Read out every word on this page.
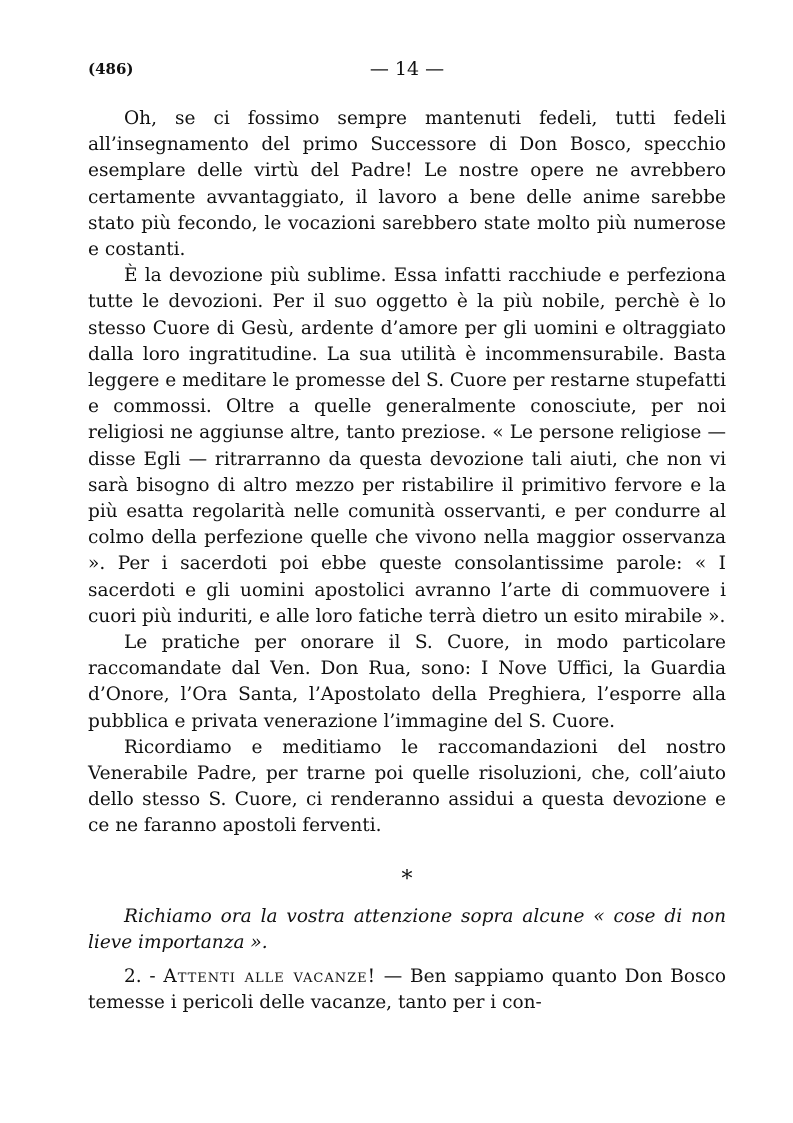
(486)	— 14 —

Oh, se ci fossimo sempre mantenuti fedeli, tutti fedeli all’insegnamento del primo Successore di Don Bosco, specchio esemplare delle virtù del Padre! Le nostre opere ne avrebbero certamente avvantaggiato, il lavoro a bene delle anime sarebbe stato più fecondo, le vocazioni sarebbero state molto più numerose e costanti.

È la devozione più sublime. Essa infatti racchiude e perfeziona tutte le devozioni. Per il suo oggetto è la più nobile, perchè è lo stesso Cuore di Gesù, ardente d’amore per gli uomini e oltraggiato dalla loro ingratitudine. La sua utilità è incommensurabile. Basta leggere e meditare le promesse del S. Cuore per restarne stupefatti e commossi. Oltre a quelle generalmente conosciute, per noi religiosi ne aggiunse altre, tanto preziose. « Le persone religiose — disse Egli — ritrarranno da questa devozione tali aiuti, che non vi sarà bisogno di altro mezzo per ristabilire il primitivo fervore e la più esatta regolarità nelle comunità osservanti, e per condurre al colmo della perfezione quelle che vivono nella maggior osservanza ». Per i sacerdoti poi ebbe queste consolantissime parole: « I sacerdoti e gli uomini apostolici avranno l’arte di commuovere i cuori più induriti, e alle loro fatiche terrà dietro un esito mirabile ».

Le pratiche per onorare il S. Cuore, in modo particolare raccomandate dal Ven. Don Rua, sono: I Nove Uffici, la Guardia d’Onore, l’Ora Santa, l’Apostolato della Preghiera, l’esporre alla pubblica e privata venerazione l’immagine del S. Cuore.

Ricordiamo e meditiamo le raccomandazioni del nostro Venerabile Padre, per trarne poi quelle risoluzioni, che, coll’aiuto dello stesso S. Cuore, ci renderanno assidui a questa devozione e ce ne faranno apostoli ferventi.

*

Richiamo ora la vostra attenzione sopra alcune « cose di non lieve importanza ».

2. - Attenti alle vacanze! — Ben sappiamo quanto Don Bosco temesse i pericoli delle vacanze, tanto per i con-
